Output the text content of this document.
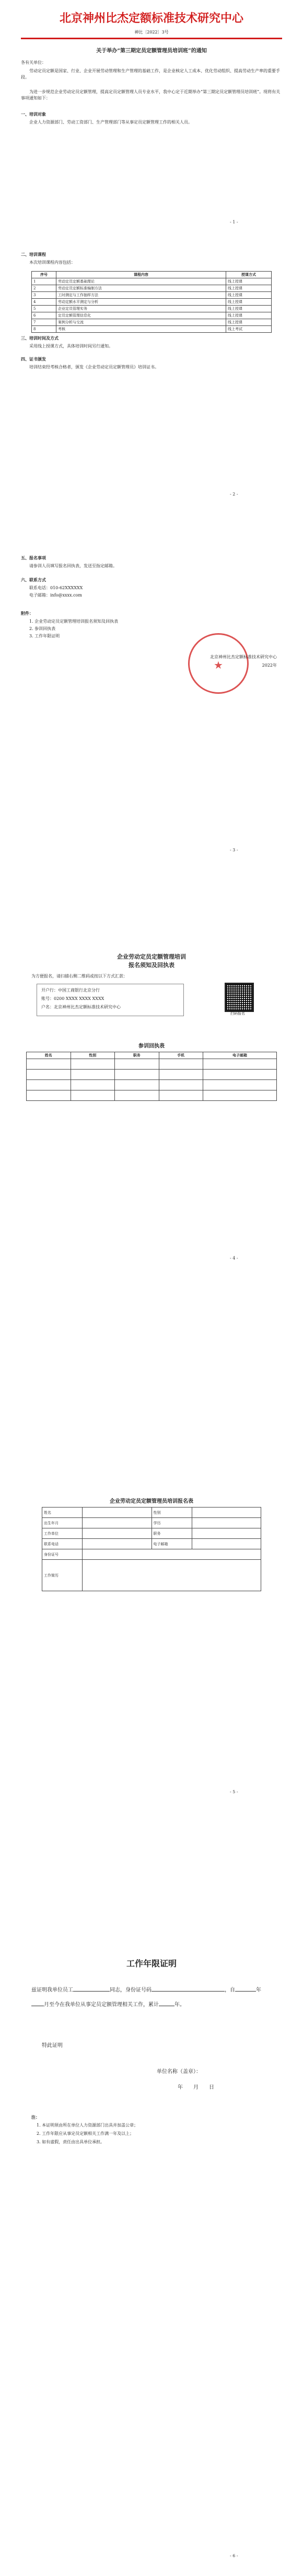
北京神州比杰定额标准技术研究中心
神比〔2022〕3号
关于举办“第三期定员定额管理员培训班”的通知
各有关单位：
劳动定员定额是国家、行业、企业开展劳动管理和生产管理的基础工作，是企业核定人工成本、优化劳动组织、提高劳动生产率的重要手段。
为进一步规范企业劳动定员定额管理，提高定员定额管理人员专业水平，我中心定于近期举办“第三期定员定额管理员培训班”。现将有关事项通知如下：
一、培训对象
企业人力资源部门、劳动工资部门、生产管理部门等从事定员定额管理工作的相关人员。
- 1 -
二、培训课程
本次培训课程内容包括：
序号	课程内容	授课方式
1	劳动定员定额基础理论	线上授课
2	劳动定员定额标准编制方法	线上授课
3	工时测定与工作抽样方法	线上授课
4	劳动定额水平测定与分析	线上授课
5	企业定员管理实务	线上授课
6	定员定额管理信息化	线上授课
7	案例分析与交流	线上授课
8	考核	线上考试
三、培训时间及方式
采用线上授课方式，具体培训时间另行通知。
四、证书颁发
培训结束经考核合格者，颁发《企业劳动定员定额管理员》培训证书。
- 2 -
五、报名事项
请参训人员填写报名回执表，发送至指定邮箱。
六、联系方式
联系电话：010-62XXXXXX
电子邮箱：info@xxxx.com
附件：
1. 企业劳动定员定额管理培训报名须知及回执表
2. 参训回执表
3. 工作年限证明
★
北京神州比杰定额标准技术研究中心
2022年
- 3 -
企业劳动定员定额管理培训
报名须知及回执表
为方便报名，请扫描右侧二维码或按以下方式汇款：
开户行：中国工商银行北京分行
账号：0200 XXXX XXXX XXXX
户名：北京神州比杰定额标准技术研究中心
扫码报名
参训回执表
姓名	性别	职务	手机	电子邮箱

- 4 -
企业劳动定员定额管理员培训报名表
姓名		性别	
出生年月		学历	
工作单位		职务	
联系电话		电子邮箱	
身份证号			
工作简历			
- 5 -
工作年限证明
兹证明我单位员工	同志，身份证号码	，自	年月至今在我单位从事定员定额管理相关工作，累计	年。
特此证明
单位名称（盖章）：
年　　月　　日
注：
1. 本证明须由所在单位人力资源部门出具并加盖公章；
2. 工作年限应从事定员定额相关工作满一年及以上；
3. 如有虚假，责任由出具单位承担。
- 6 -
